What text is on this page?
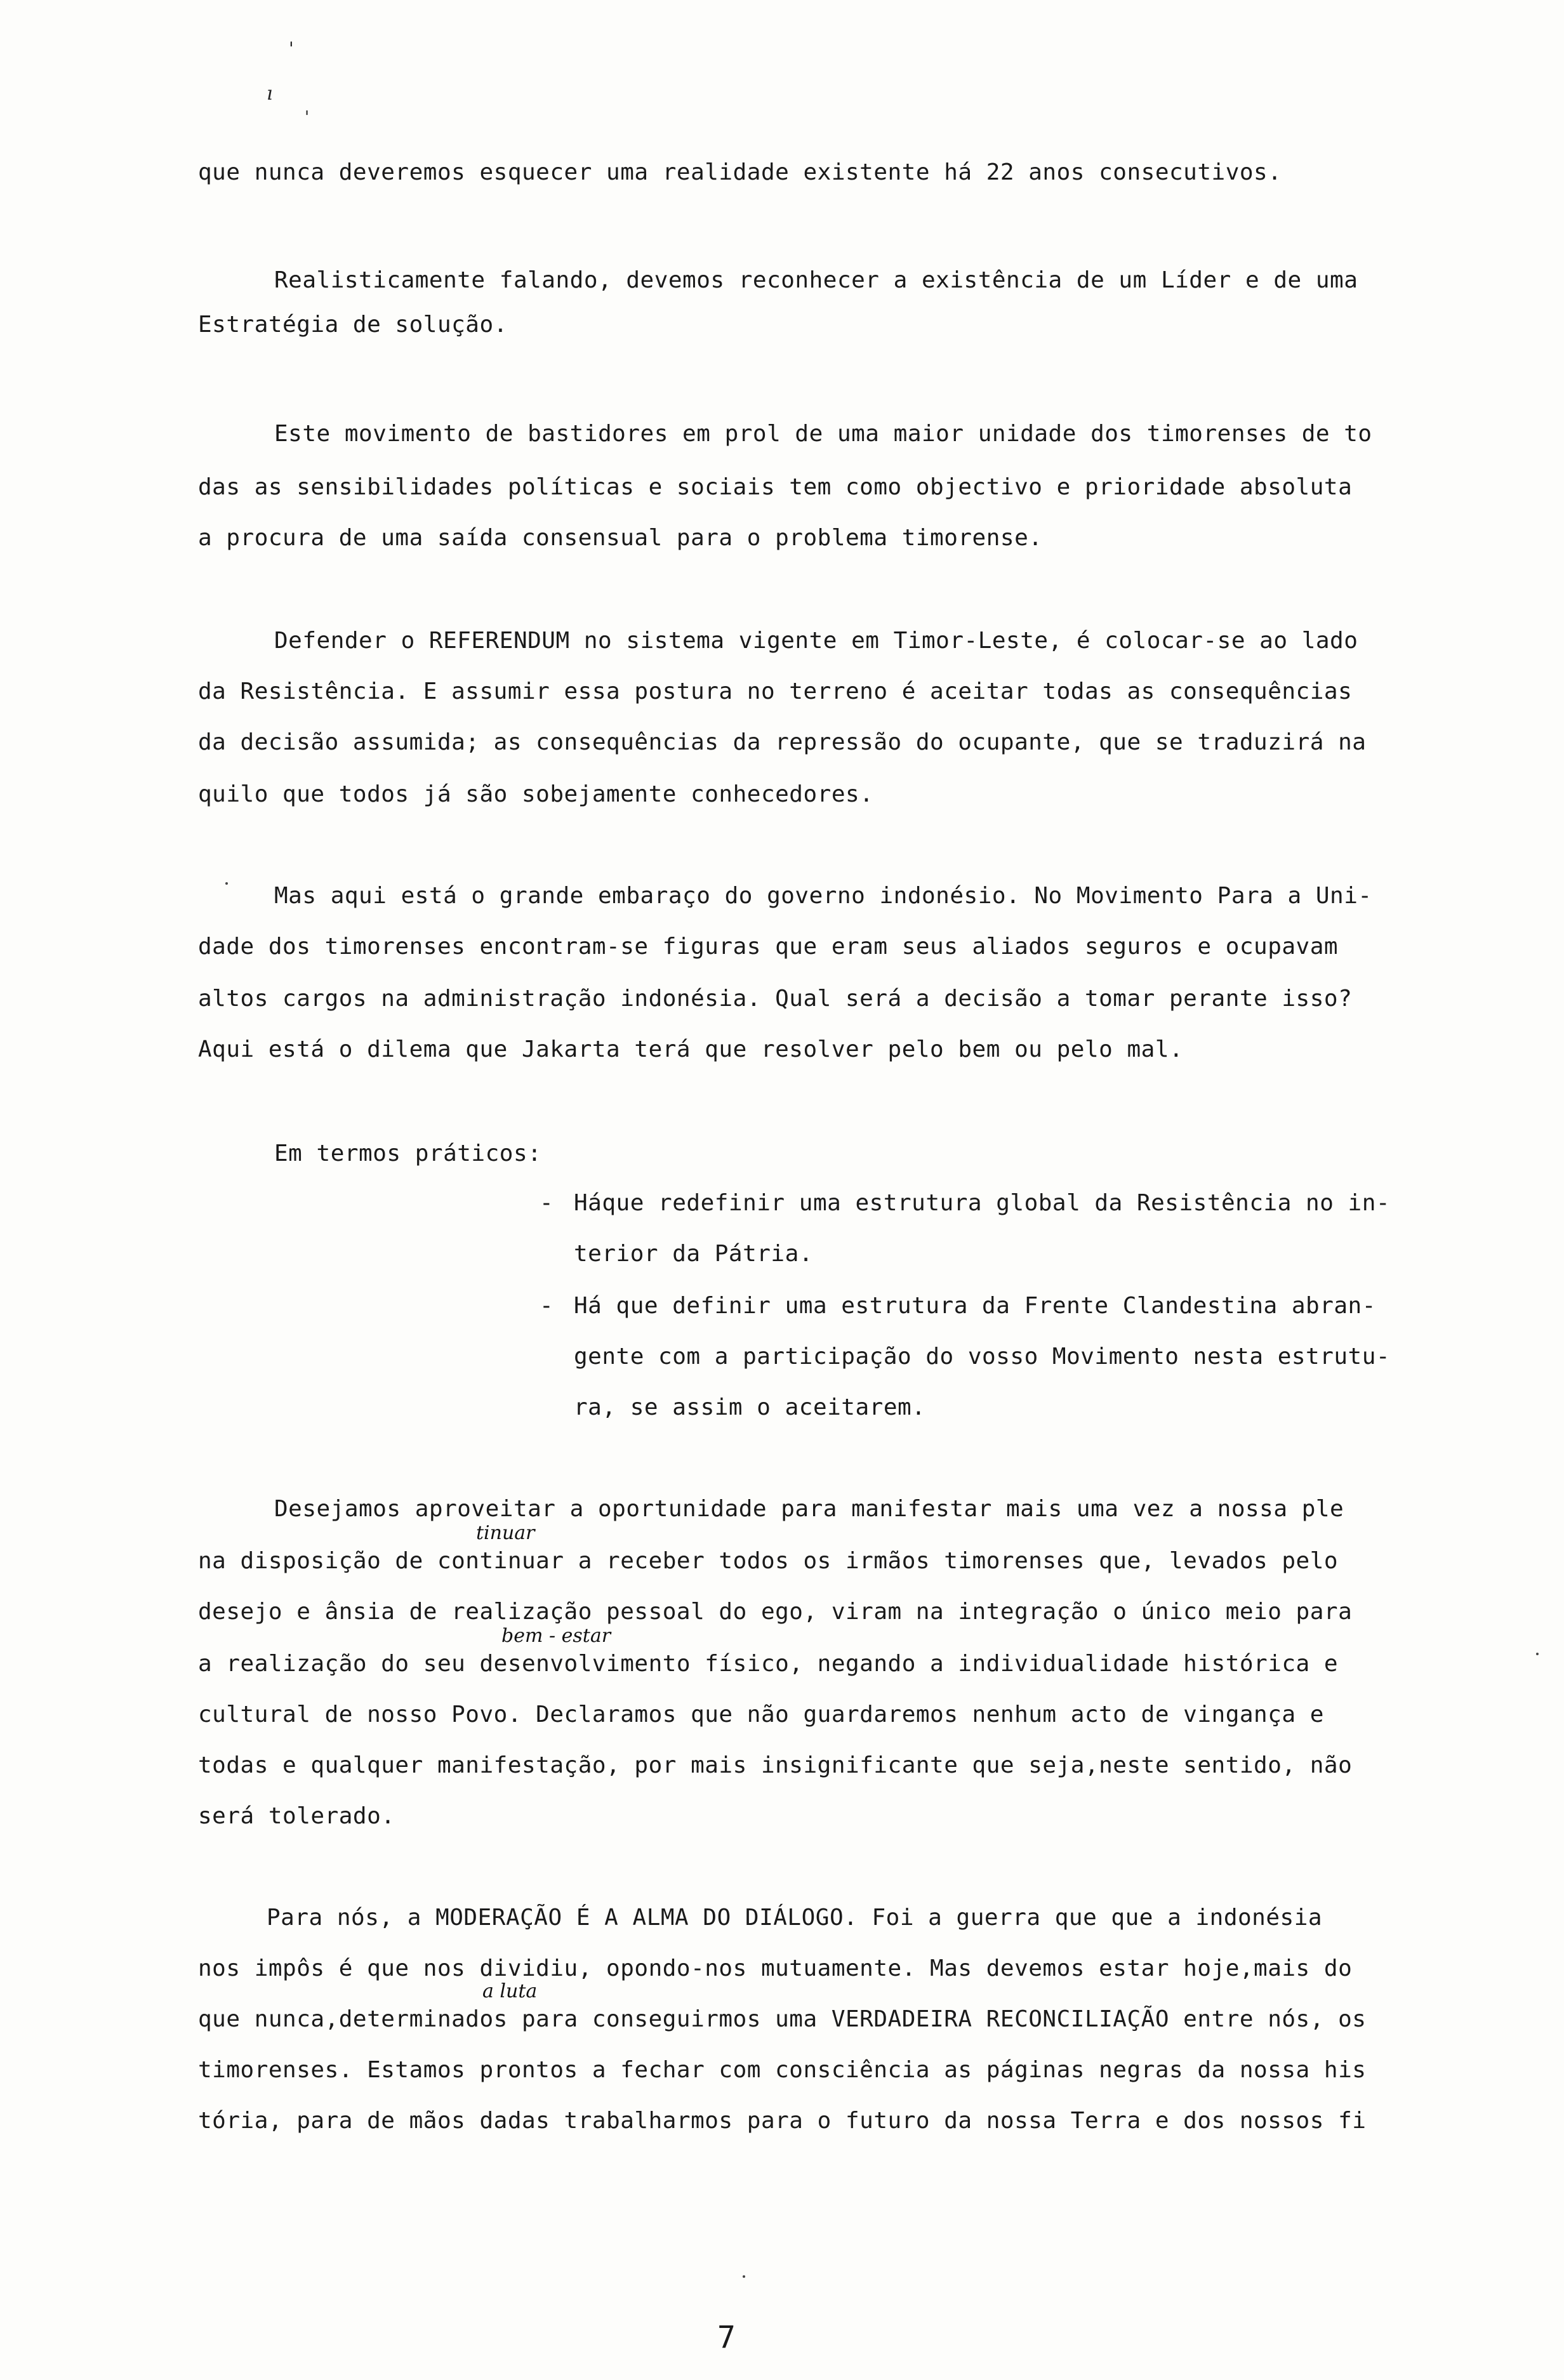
'
ı
'
que nunca deveremos esquecer uma realidade existente há 22 anos consecutivos.
Realisticamente falando, devemos reconhecer a existência de um Líder e de uma
Estratégia de solução.
Este movimento de bastidores em prol de uma maior unidade dos timorenses de to
das as sensibilidades políticas e sociais tem como objectivo e prioridade absoluta
a procura de uma saída consensual para o problema timorense.
Defender o REFERENDUM no sistema vigente em Timor-Leste, é colocar-se ao lado
da Resistência. E assumir essa postura no terreno é aceitar todas as consequências
da decisão assumida; as consequências da repressão do ocupante, que se traduzirá na
quilo que todos já são sobejamente conhecedores.
Mas aqui está o grande embaraço do governo indonésio. No Movimento Para a Uni-
dade dos timorenses encontram-se figuras que eram seus aliados seguros e ocupavam
altos cargos na administração indonésia. Qual será a decisão a tomar perante isso?
Aqui está o dilema que Jakarta terá que resolver pelo bem ou pelo mal.
Em termos práticos:
- Háque redefinir uma estrutura global da Resistência no in-
terior da Pátria.
- Há que definir uma estrutura da Frente Clandestina abran-
gente com a participação do vosso Movimento nesta estrutu-
ra, se assim o aceitarem.
Desejamos aproveitar a oportunidade para manifestar mais uma vez a nossa ple
na disposição de continuar a receber todos os irmãos timorenses que, levados pelo
tinuar
desejo e ânsia de realização pessoal do ego, viram na integração o único meio para
bem - estar
a realização do seu desenvolvimento físico, negando a individualidade histórica e
cultural de nosso Povo. Declaramos que não guardaremos nenhum acto de vingança e
todas e qualquer manifestação, por mais insignificante que seja,neste sentido, não
será tolerado.
Para nós, a MODERAÇÃO É A ALMA DO DIÁLOGO. Foi a guerra que que a indonésia
nos impôs é que nos dividiu, opondo-nos mutuamente. Mas devemos estar hoje,mais do
a luta
que nunca,determinados para conseguirmos uma VERDADEIRA RECONCILIAÇÃO entre nós, os
timorenses. Estamos prontos a fechar com consciência as páginas negras da nossa his
tória, para de mãos dadas trabalharmos para o futuro da nossa Terra e dos nossos fi
7
